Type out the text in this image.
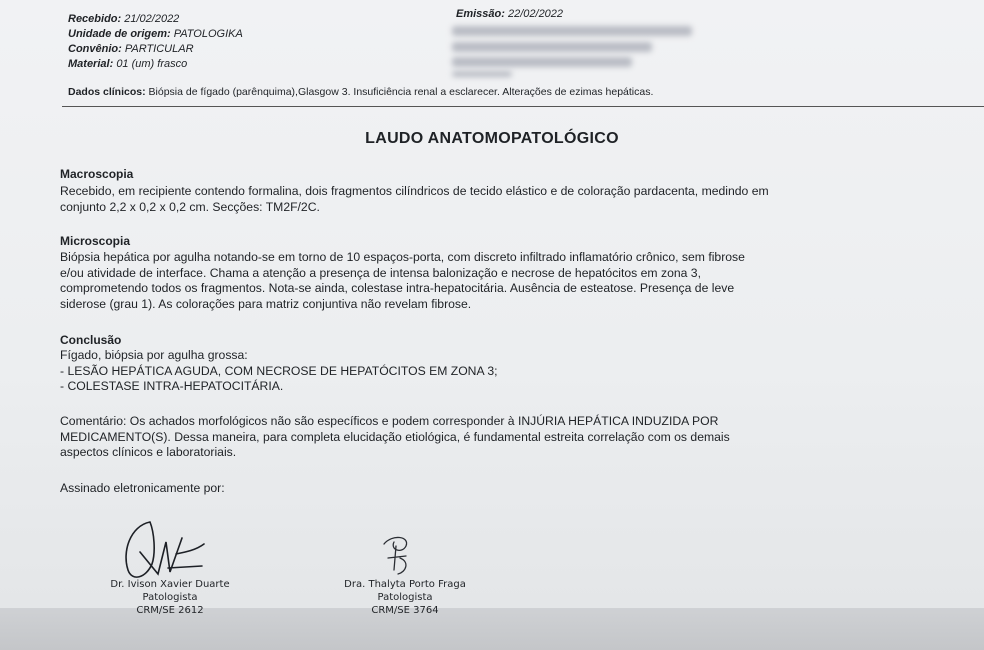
Recebido: 21/02/2022
Unidade de origem: PATOLOGIKA
Convênio: PARTICULAR
Material: 01 (um) frasco
Emissão: 22/02/2022
Dados clínicos: Biópsia de fígado (parênquima),Glasgow 3. Insuficiência renal a esclarecer. Alterações de ezimas hepáticas.
LAUDO ANATOMOPATOLÓGICO
Macroscopia
Recebido, em recipiente contendo formalina, dois fragmentos cilíndricos de tecido elástico e de coloração pardacenta, medindo em
conjunto 2,2 x 0,2 x 0,2 cm. Secções: TM2F/2C.
Microscopia
Biópsia hepática por agulha notando-se em torno de 10 espaços-porta, com discreto infiltrado inflamatório crônico, sem fibrose
e/ou atividade de interface. Chama a atenção a presença de intensa balonização e necrose de hepatócitos em zona 3,
comprometendo todos os fragmentos. Nota-se ainda, colestase intra-hepatocitária. Ausência de esteatose. Presença de leve
siderose (grau 1). As colorações para matriz conjuntiva não revelam fibrose.
Conclusão
Fígado, biópsia por agulha grossa:
- LESÃO HEPÁTICA AGUDA, COM NECROSE DE HEPATÓCITOS EM ZONA 3;
- COLESTASE INTRA-HEPATOCITÁRIA.
Comentário: Os achados morfológicos não são específicos e podem corresponder à INJÚRIA HEPÁTICA INDUZIDA POR
MEDICAMENTO(S). Dessa maneira, para completa elucidação etiológica, é fundamental estreita correlação com os demais
aspectos clínicos e laboratoriais.
Assinado eletronicamente por:
Dr. Ivison Xavier Duarte
Patologista
CRM/SE 2612
Dra. Thalyta Porto Fraga
Patologista
CRM/SE 3764
